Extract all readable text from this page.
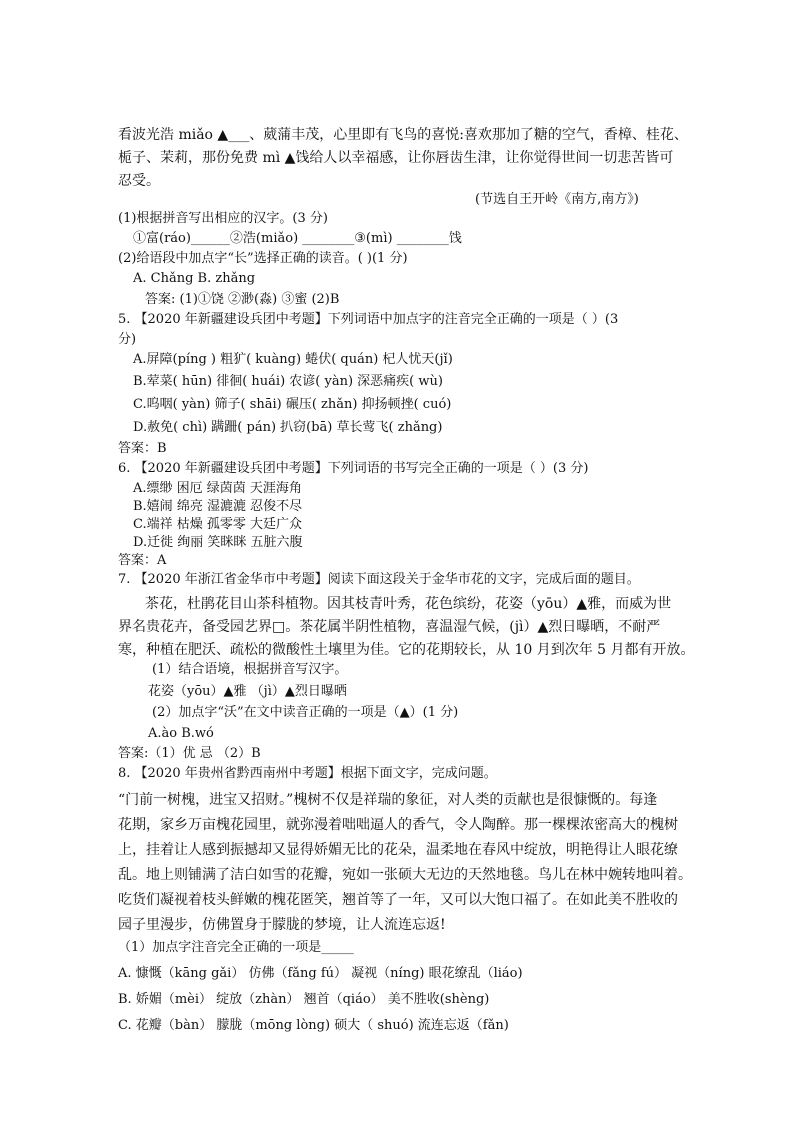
看波光浩 miǎo ▲___、葳蒲丰茂，心里即有飞鸟的喜悦:喜欢那加了糖的空气，香樟、桂花、
栀子、茉莉，那份免费 mì ▲饯给人以幸福感，让你唇齿生津，让你觉得世间一切悲苦皆可
忍受。
(节选自王开岭《南方,南方》)
(1)根据拼音写出相应的汉字。(3 分)
①富(ráo)______②浩(miǎo) ________③(mì) ________饯
(2)给语段中加点字“长”选择正确的读音。( )(1 分)
A. Chǎng B. zhǎng
答案: (1)①饶 ②渺(淼) ③蜜 (2)B
5. 【2020 年新疆建设兵团中考题】下列词语中加点字的注音完全正确的一项是（ ）(3
分)
A.屏障(píng ) 粗犷( kuàng) 蜷伏( quán) 杞人忧天(jǐ)
B.荤菜( hūn) 徘徊( huái) 农谚( yàn) 深恶痛疾( wù)
C.呜咽( yàn) 筛子( shāi) 碾压( zhǎn) 抑扬顿挫( cuó)
D.赦免( chì) 蹒跚( pán) 扒窃(bā) 草长莺飞( zhǎng)
答案：B
6. 【2020 年新疆建设兵团中考题】下列词语的书写完全正确的一项是（ ）(3 分)
A.缥缈 困厄 绿茵茵 天涯海角
B.嬉闹 绵亮 湿漉漉 忍俊不尽
C.端祥 枯燥 孤零零 大廷广众
D.迁徙 绚丽 笑眯眯 五脏六腹
答案：A
7. 【2020 年浙江省金华市中考题】阅读下面这段关于金华市花的文字，完成后面的题目。
茶花，杜鹃花目山茶科植物。因其枝青叶秀，花色缤纷，花姿（yōu）▲雅，而威为世
界名贵花卉，备受园艺界□。茶花属半阴性植物，喜温湿气候，(jì）▲烈日曝晒，不耐严
寒，种植在肥沃、疏松的微酸性土壤里为佳。它的花期较长，从 10 月到次年 5 月都有开放。
(1）结合语境，根据拼音写汉字。
花姿（yōu）▲雅 （jì）▲烈日曝晒
(2）加点字“沃”在文中读音正确的一项是（▲）(1 分)
A.ào B.wó
答案:（1）优 忌 （2）B
8. 【2020 年贵州省黔西南州中考题】根据下面文字，完成问题。
“门前一树槐，进宝又招财。”槐树不仅是祥瑞的象征，对人类的贡献也是很慷慨的。每逢
花期，家乡万亩槐花园里，就弥漫着咄咄逼人的香气，令人陶醉。那一棵棵浓密高大的槐树
上，挂着让人感到振撼却又显得娇媚无比的花朵，温柔地在春风中绽放，明艳得让人眼花缭
乱。地上则铺满了洁白如雪的花瓣，宛如一张硕大无边的天然地毯。鸟儿在林中婉转地叫着。
吃货们凝视着枝头鲜嫩的槐花匿笑，翘首等了一年，又可以大饱口福了。在如此美不胜收的
园子里漫步，仿佛置身于朦胧的梦境，让人流连忘返!
（1）加点字注音完全正确的一项是_____
A. 慷慨（kāng gǎi） 仿佛（fǎng fú） 凝视（níng) 眼花缭乱（liáo)
B. 娇媚（mèi） 绽放（zhàn） 翘首（qiáo） 美不胜收(shèng)
C. 花瓣（bàn） 朦胧（mōng lòng) 硕大（ shuó) 流连忘返（fǎn)
